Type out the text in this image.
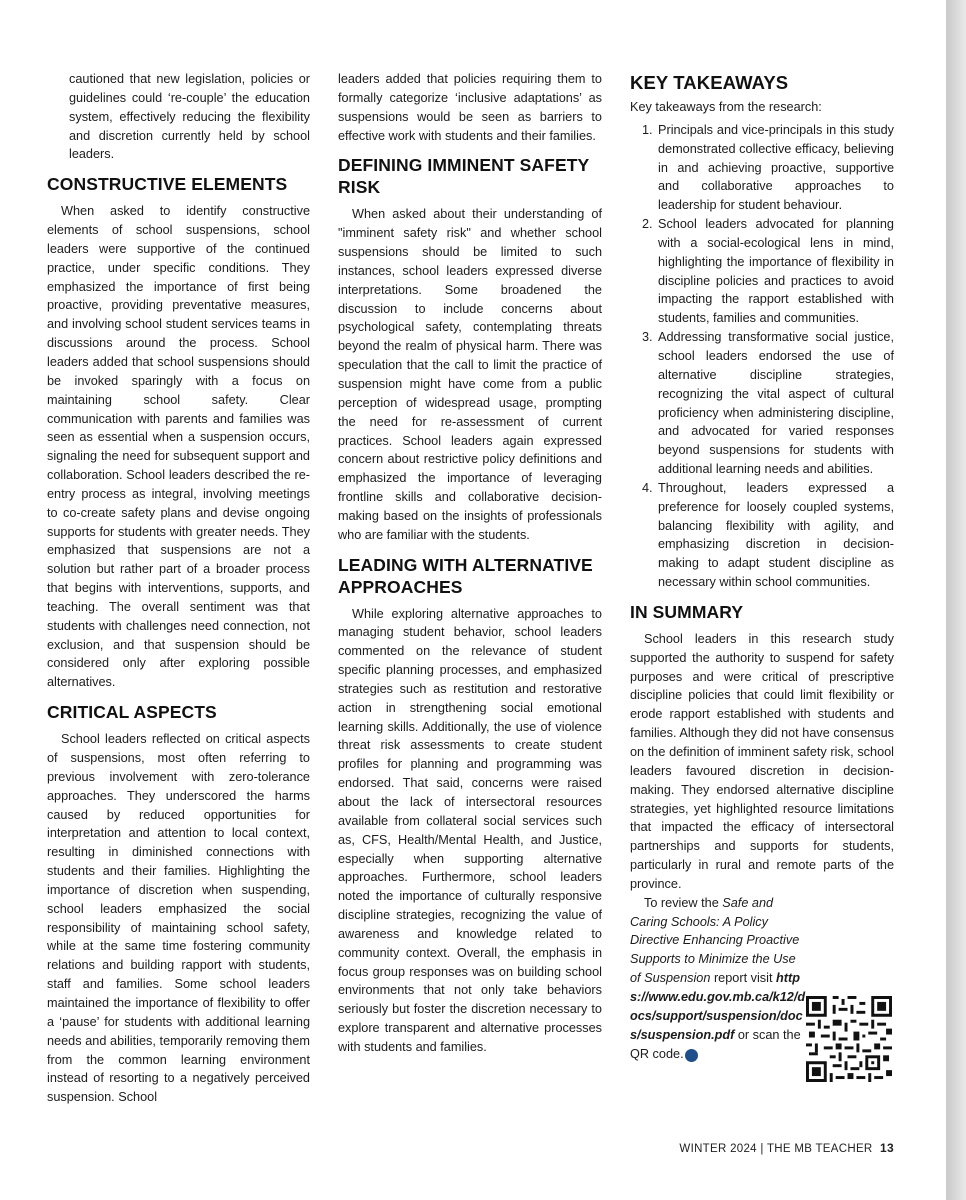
cautioned that new legislation, policies or guidelines could ‘re-couple’ the education system, effectively reducing the flexibility and discretion currently held by school leaders.

CONSTRUCTIVE ELEMENTS

When asked to identify constructive elements of school suspensions, school leaders were supportive of the continued practice, under specific conditions. They emphasized the importance of first being proactive, providing preventative measures, and involving school student services teams in discussions around the process. School leaders added that school suspensions should be invoked sparingly with a focus on maintaining school safety. Clear communication with parents and families was seen as essential when a suspension occurs, signaling the need for subsequent support and collaboration. School leaders described the re-entry process as integral, involving meetings to co-create safety plans and devise ongoing supports for students with greater needs. They emphasized that suspensions are not a solution but rather part of a broader process that begins with interventions, supports, and teaching. The overall sentiment was that students with challenges need connection, not exclusion, and that suspension should be considered only after exploring possible alternatives.

CRITICAL ASPECTS

School leaders reflected on critical aspects of suspensions, most often referring to previous involvement with zero-tolerance approaches. They underscored the harms caused by reduced opportunities for interpretation and attention to local context, resulting in diminished connections with students and their families. Highlighting the importance of discretion when suspending, school leaders emphasized the social responsibility of maintaining school safety, while at the same time fostering community relations and building rapport with students, staff and families. Some school leaders maintained the importance of flexibility to offer a ‘pause’ for students with additional learning needs and abilities, temporarily removing them from the common learning environment instead of resorting to a negatively perceived suspension. School

leaders added that policies requiring them to formally categorize ‘inclusive adaptations’ as suspensions would be seen as barriers to effective work with students and their families.

DEFINING IMMINENT SAFETY RISK

When asked about their understanding of "imminent safety risk" and whether school suspensions should be limited to such instances, school leaders expressed diverse interpretations. Some broadened the discussion to include concerns about psychological safety, contemplating threats beyond the realm of physical harm. There was speculation that the call to limit the practice of suspension might have come from a public perception of widespread usage, prompting the need for re-assessment of current practices. School leaders again expressed concern about restrictive policy definitions and emphasized the importance of leveraging frontline skills and collaborative decision-making based on the insights of professionals who are familiar with the students.

LEADING WITH ALTERNATIVE APPROACHES

While exploring alternative approaches to managing student behavior, school leaders commented on the relevance of student specific planning processes, and emphasized strategies such as restitution and restorative action in strengthening social emotional learning skills. Additionally, the use of violence threat risk assessments to create student profiles for planning and programming was endorsed. That said, concerns were raised about the lack of intersectoral resources available from collateral social services such as, CFS, Health/Mental Health, and Justice, especially when supporting alternative approaches. Furthermore, school leaders noted the importance of culturally responsive discipline strategies, recognizing the value of awareness and knowledge related to community context. Overall, the emphasis in focus group responses was on building school environments that not only take behaviors seriously but foster the discretion necessary to explore transparent and alternative processes with students and families.

KEY TAKEAWAYS

Key takeaways from the research:

1. Principals and vice-principals in this study demonstrated collective efficacy, believing in and achieving proactive, supportive and collaborative approaches to leadership for student behaviour.
2. School leaders advocated for planning with a social-ecological lens in mind, highlighting the importance of flexibility in discipline policies and practices to avoid impacting the rapport established with students, families and communities.
3. Addressing transformative social justice, school leaders endorsed the use of alternative discipline strategies, recognizing the vital aspect of cultural proficiency when administering discipline, and advocated for varied responses beyond suspensions for students with additional learning needs and abilities.
4. Throughout, leaders expressed a preference for loosely coupled systems, balancing flexibility with agility, and emphasizing discretion in decision-making to adapt student discipline as necessary within school communities.
IN SUMMARY

School leaders in this research study supported the authority to suspend for safety purposes and were critical of prescriptive discipline policies that could limit flexibility or erode rapport established with students and families. Although they did not have consensus on the definition of imminent safety risk, school leaders favoured discretion in decision-making. They endorsed alternative discipline strategies, yet highlighted resource limitations that impacted the efficacy of intersectoral partnerships and supports for students, particularly in rural and remote parts of the province.

To review the Safe and Caring Schools: A Policy Directive Enhancing Proactive Supports to Minimize the Use of Suspension report visit https://www.edu.gov.mb.ca/k12/docs/support/suspension/docs/suspension.pdf or scan the QR code. T

WINTER 2024 | THE MB TEACHER 13
